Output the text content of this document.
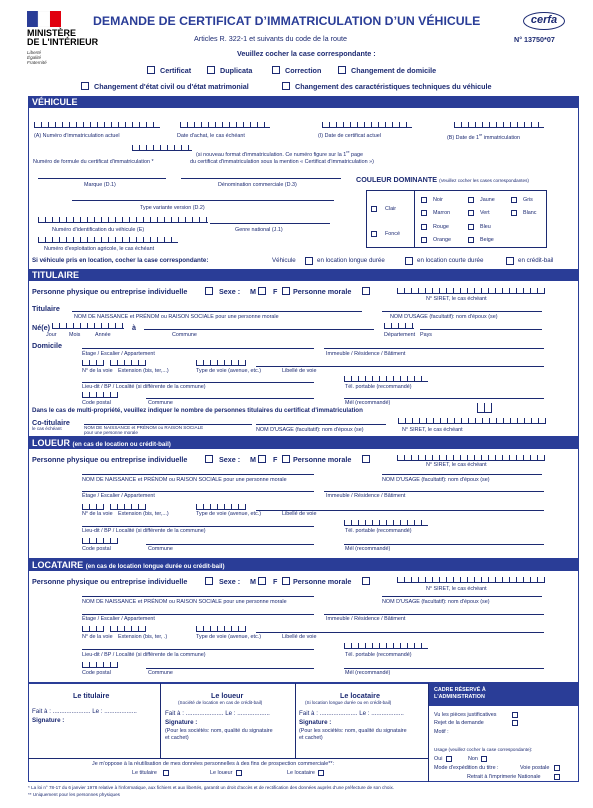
MINISTÈRE
DE L'INTÉRIEUR
Liberté
Égalité
Fraternité
DEMANDE DE CERTIFICAT D’IMMATRICULATION D’UN VÉHICULE
Articles R. 322-1 et suivants du code de la route
cerfa
N° 13750*07
Veuillez cocher la case correspondante :
Certificat	Duplicata	Correction	Changement de domicile
Changement d'état civil ou d'état matrimonial	Changement des caractéristiques techniques du véhicule
VÉHICULE
(A) Numéro d'immatriculation actuel	Date d'achat, le cas échéant	(I) Date de certificat actuel	(B) Date de 1re immatriculation
(si nouveau format d'immatriculation. Ce numéro figure sur la 1re page
Numéro de formule du certificat d'immatriculation *	du certificat d'immatriculation sous la mention « Certificat d'immatriculation »)
Marque (D.1)	Dénomination commerciale (D.3)
COULEUR DOMINANTE (Veuillez cocher les cases correspondantes)
Type variante version (D.2)
Numéro d'identification du véhicule (E)	Genre national (J.1)
Numéro d'exploitation agricole, le cas échéant
Clair
Foncé
Noir	Jaune	Gris
Marron	Vert	Blanc
Rouge	Bleu
Orange	Beige
Si véhicule pris en location, cocher la case correspondante:	Véhicule	en location longue durée	en location courte durée	en crédit-bail
TITULAIRE
Personne physique ou entreprise individuelle	Sexe : M F Personne morale
N° SIRET, le cas échéant
Titulaire
NOM DE NAISSANCE et PRÉNOM ou RAISON SOCIALE pour une personne morale	NOM D'USAGE (facultatif): nom d'époux (se)
Né(e)	à
Jour Mois	Année	Commune	Département Pays
Domicile
Étage / Escalier / Appartement	Immeuble / Résidence / Bâtiment
N° de la voie Extension (bis, ter,...)	Type de voie (avenue, etc.)	Libellé de voie
Lieu-dit / BP / Localité (si différente de la commune)	Tél. portable (recommandé)
Code postal	Commune	Mél (recommandé)
Dans le cas de multi-propriété, veuillez indiquer le nombre de personnes titulaires du certificat d'immatriculation
Co-titulaire
le cas échéant	NOM DE NAISSANCE et PRÉNOM ou RAISON SOCIALE
pour une personne morale	NOM D'USAGE (facultatif): nom d'époux (se)	N° SIRET, le cas échéant
LOUEUR (en cas de location ou crédit-bail)
Personne physique ou entreprise individuelle	Sexe : M F Personne morale
N° SIRET, le cas échéant
NOM DE NAISSANCE et PRÉNOM ou RAISON SOCIALE pour une personne morale	NOM D'USAGE (facultatif): nom d'époux (se)
Étage / Escalier / Appartement	Immeuble / Résidence / Bâtiment
N° de la voie Extension (bis, ter,...)	Type de voie (avenue, etc.)	Libellé de voie
Lieu-dit / BP / Localité (si différente de la commune)	Tél. portable (recommandé)
Code postal	Commune	Mél (recommandé)
LOCATAIRE (en cas de location longue durée ou crédit-bail)
Personne physique ou entreprise individuelle	Sexe : M F Personne morale
N° SIRET, le cas échéant
NOM DE NAISSANCE et PRÉNOM ou RAISON SOCIALE pour une personne morale	NOM D'USAGE (facultatif): nom d'époux (se)
Étage / Escalier / Appartement	Immeuble / Résidence / Bâtiment
N° de la voie Extension (bis, ter, .)	Type de voie (avenue, etc.)	Libellé de voie
Lieu-dit / BP / Localité (si différente de la commune)	Tél. portable (recommandé)
Code postal	Commune	Mél (recommandé)
Le titulaire
Fait à : ...................... Le : ...................
Signature :
Le loueur
(Société de location en cas de crédit-bail)
Fait à : ...................... Le : ...................
Signature :
(Pour les sociétés: nom, qualité du signataire
et cachet)
Le locataire
(Si location longue durée ou en crédit-bail)
Fait à : ...................... Le : ...................
Signature :
(Pour les sociétés: nom, qualité du signataire
et cachet)
Je m'oppose à la réutilisation de mes données personnelles à des fins de prospection commerciale**:
Le titulaire	Le loueur	Le locataire
CADRE RÉSERVÉ À
L'ADMINISTRATION
Vu les pièces justificatives
Rejet de la demande
Motif :
Usage (veuillez cocher la case correspondante):
Oui	Non
Mode d'expédition du titre :	Voie postale
Retrait à l'imprimerie Nationale
* La loi n° 78-17 du 6 janvier 1978 relative à l'informatique, aux fichiers et aux libertés, garantit un droit d'accès et de rectification des données auprès d'une préfecture de son choix.
** Uniquement pour les personnes physiques
